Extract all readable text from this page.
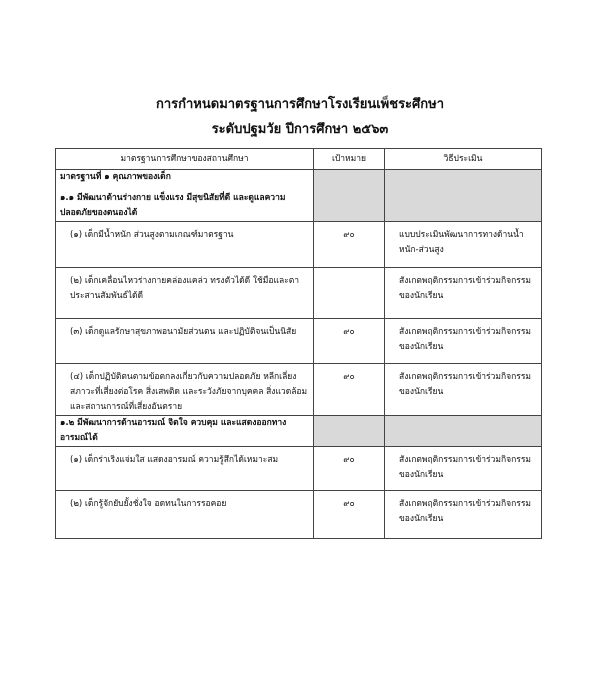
การกำหนดมาตรฐานการศึกษาโรงเรียนเพ็ชระศึกษา
ระดับปฐมวัย ปีการศึกษา ๒๕๖๓
มาตรฐานการศึกษาของสถานศึกษา	เป้าหมาย	วิธีประเมิน

มาตรฐานที่ ๑ คุณภาพของเด็ก
๑.๑ มีพัฒนาด้านร่างกาย แข็งแรง มีสุขนิสัยที่ดี และดูแลความปลอดภัยของตนองได้		

(๑) เด็กมีน้ำหนัก ส่วนสูงตามเกณฑ์มาตรฐาน	๙๐	แบบประเมินพัฒนาการทางด้านน้ำหนัก-ส่วนสูง
(๒) เด็กเคลื่อนไหวร่างกายคล่องแคล่ว ทรงตัวได้ดี ใช้มือและตาประสานสัมพันธ์ได้ดี		สังเกตพฤติกรรมการเข้าร่วมกิจกรรมของนักเรียน
(๓) เด็กดูแลรักษาสุขภาพอนามัยส่วนตน และปฏิบัติจนเป็นนิสัย	๙๐	สังเกตพฤติกรรมการเข้าร่วมกิจกรรมของนักเรียน
(๔) เด็กปฏิบัติตนตามข้อตกลงเกี่ยวกับความปลอดภัย หลีกเลี่ยงสภาวะที่เสี่ยงต่อโรค สิ่งเสพติด และระวังภัยจากบุคคล สิ่งแวดล้อม และสถานการณ์ที่เสี่ยงอันตราย	๙๐	สังเกตพฤติกรรมการเข้าร่วมกิจกรรมของนักเรียน
๑.๒ มีพัฒนาการด้านอารมณ์ จิตใจ ควบคุม และแสดงออกทางอารมณ์ได้		
(๑) เด็กร่าเริงแจ่มใส แสดงอารมณ์ ความรู้สึกได้เหมาะสม	๙๐	สังเกตพฤติกรรมการเข้าร่วมกิจกรรมของนักเรียน
(๒) เด็กรู้จักยับยั้งชั่งใจ อดทนในการรอคอย	๙๐	สังเกตพฤติกรรมการเข้าร่วมกิจกรรมของนักเรียน
